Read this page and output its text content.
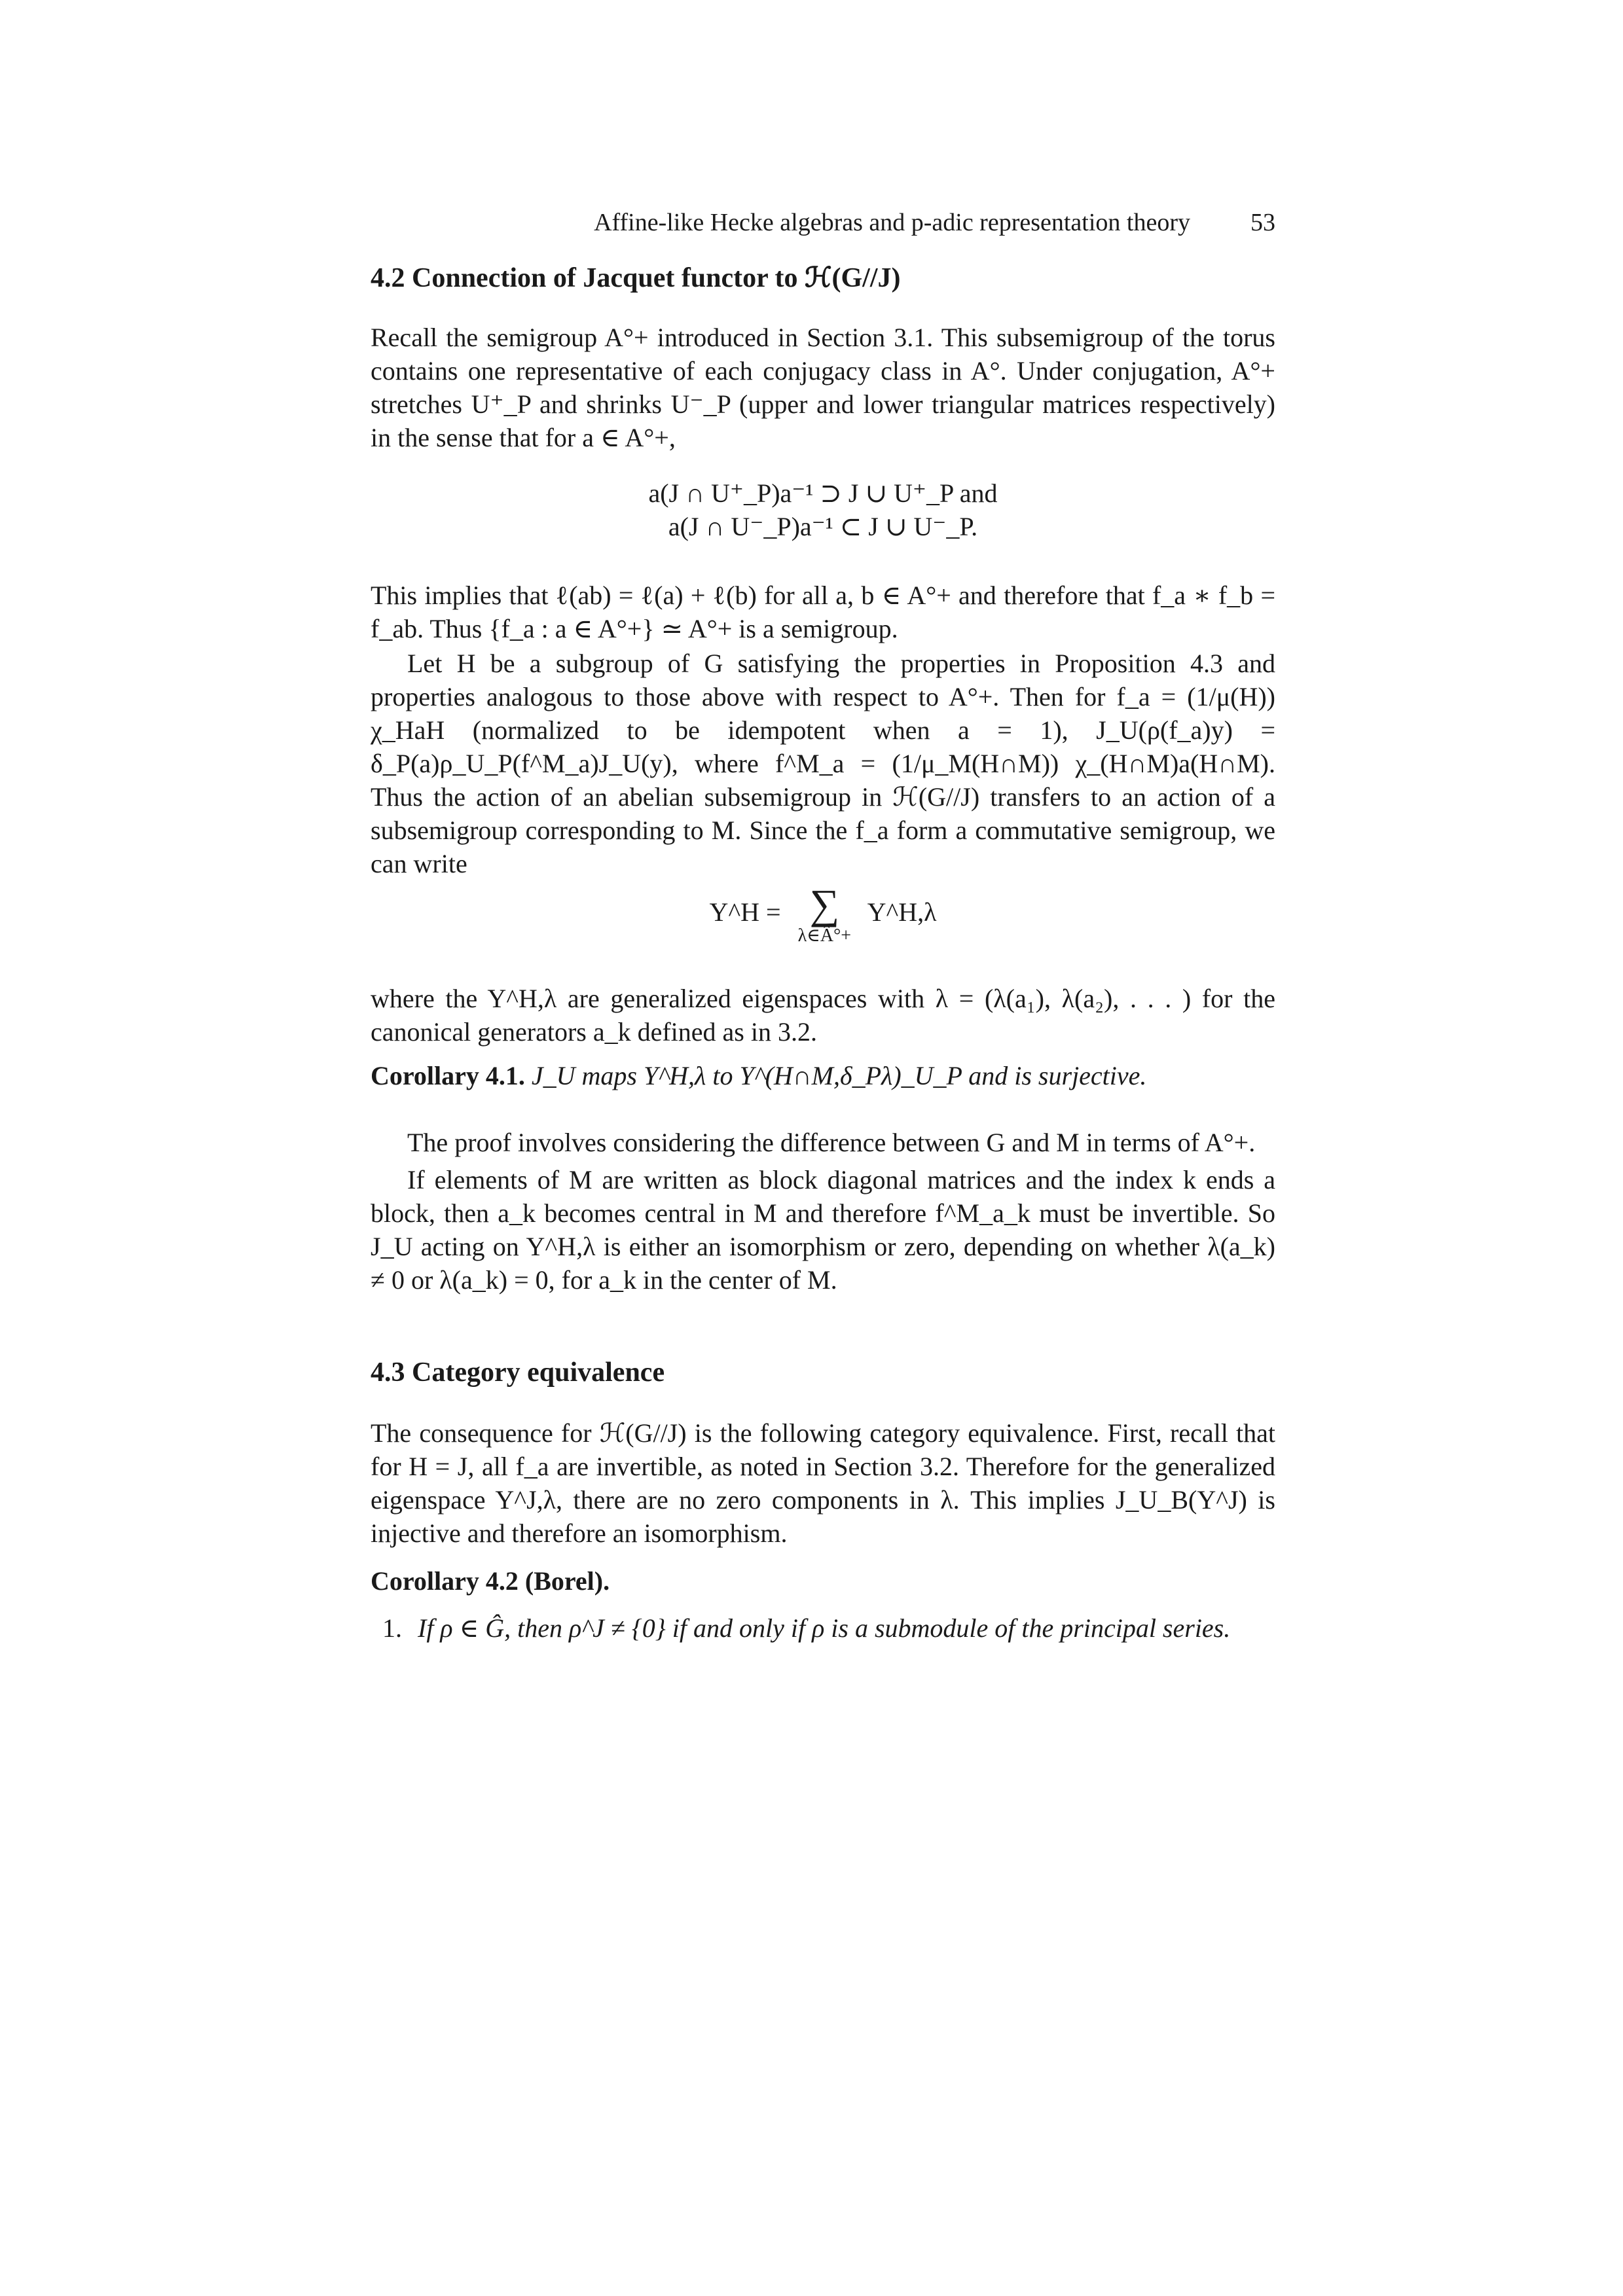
Affine-like Hecke algebras and p-adic representation theory 53
4.2 Connection of Jacquet functor to ℋ(G//J)

Recall the semigroup A°+ introduced in Section 3.1. This subsemigroup of the torus contains one representative of each conjugacy class in A°. Under conjugation, A°+ stretches U⁺_P and shrinks U⁻_P (upper and lower triangular matrices respectively) in the sense that for a ∈ A°+,

a(J ∩ U⁺_P)a⁻¹ ⊃ J ∪ U⁺_P and
a(J ∩ U⁻_P)a⁻¹ ⊂ J ∪ U⁻_P.

This implies that ℓ(ab) = ℓ(a) + ℓ(b) for all a, b ∈ A°+ and therefore that f_a ∗ f_b = f_ab. Thus {f_a : a ∈ A°+} ≃ A°+ is a semigroup.

Let H be a subgroup of G satisfying the properties in Proposition 4.3 and properties analogous to those above with respect to A°+. Then for f_a = (1/μ(H)) χ_HaH (normalized to be idempotent when a = 1), J_U(ρ(f_a)y) = δ_P(a)ρ_U_P(f^M_a)J_U(y), where f^M_a = (1/μ_M(H∩M)) χ_(H∩M)a(H∩M). Thus the action of an abelian subsemigroup in ℋ(G//J) transfers to an action of a subsemigroup corresponding to M. Since the f_a form a commutative semigroup, we can write

Y^H = ∑
λ∈Â°+
Y^H,λ

where the Y^H,λ are generalized eigenspaces with λ = (λ(a₁), λ(a₂), . . . ) for the canonical generators a_k defined as in 3.2.

Corollary 4.1. J_U maps Y^H,λ to Y^(H∩M,δ_Pλ)_U_P and is surjective.

The proof involves considering the difference between G and M in terms of A°+.

If elements of M are written as block diagonal matrices and the index k ends a block, then a_k becomes central in M and therefore f^M_a_k must be invertible. So J_U acting on Y^H,λ is either an isomorphism or zero, depending on whether λ(a_k) ≠ 0 or λ(a_k) = 0, for a_k in the center of M.

4.3 Category equivalence

The consequence for ℋ(G//J) is the following category equivalence. First, recall that for H = J, all f_a are invertible, as noted in Section 3.2. Therefore for the generalized eigenspace Y^J,λ, there are no zero components in λ. This implies J_U_B(Y^J) is injective and therefore an isomorphism.

Corollary 4.2 (Borel).
1. If ρ ∈ Ĝ, then ρ^J ≠ {0} if and only if ρ is a submodule of the principal series.
